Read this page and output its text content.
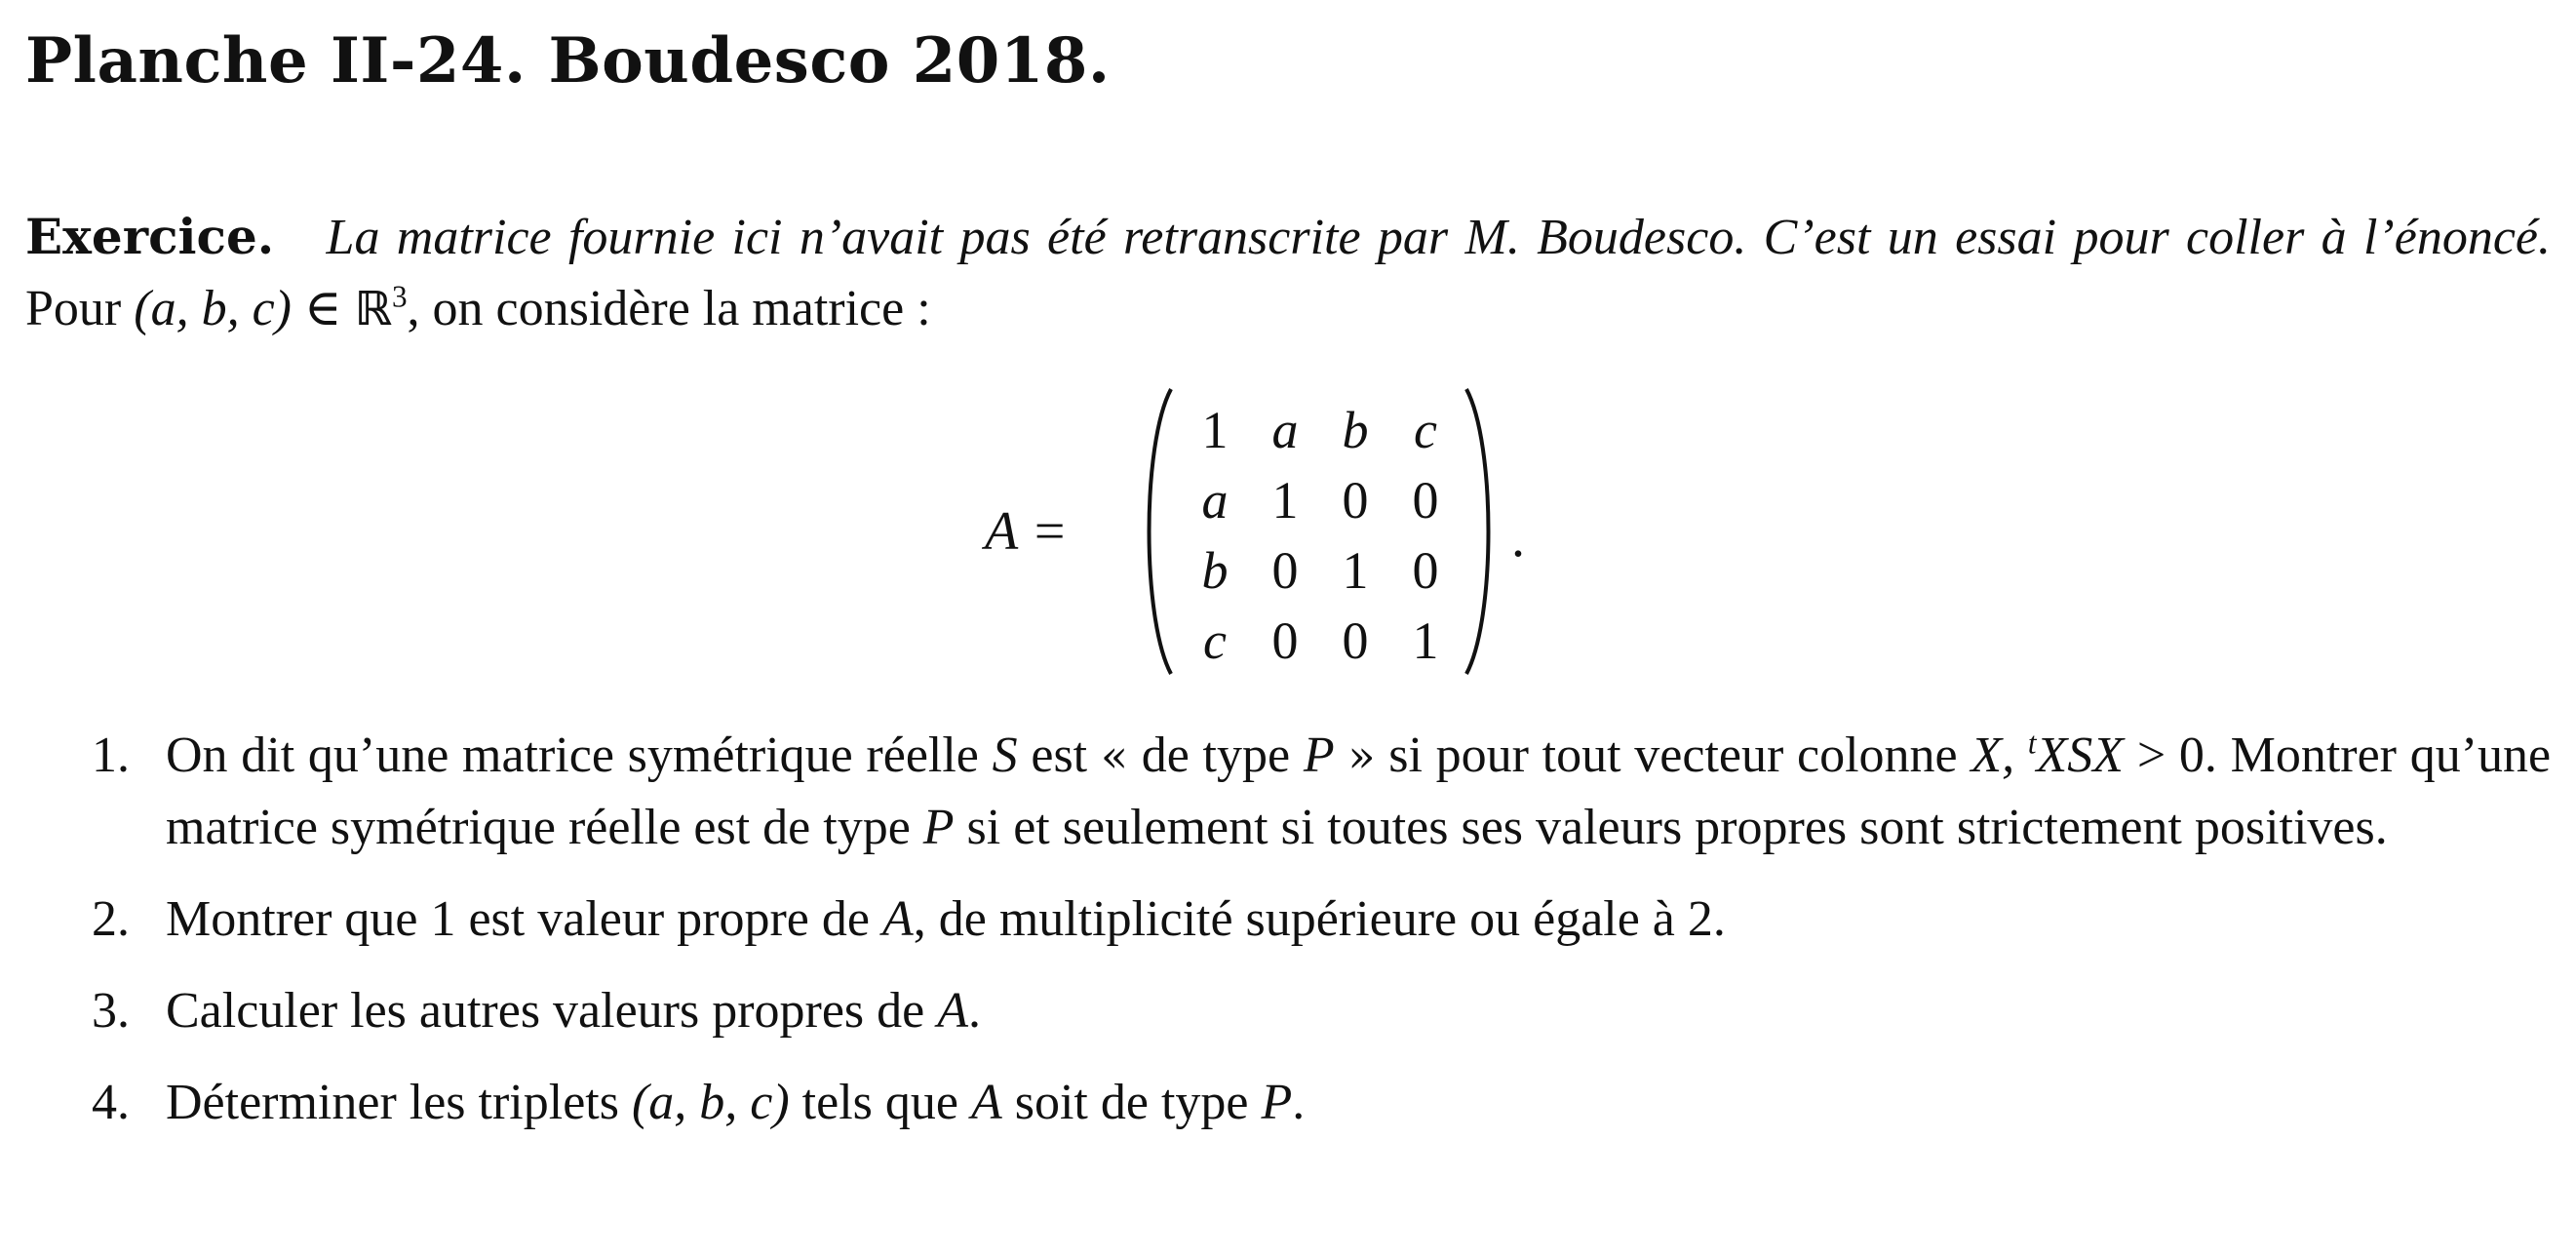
Planche II-24. Boudesco 2018.
Exercice. La matrice fournie ici n’avait pas été retranscrite par M. Boudesco. C’est un essai pour coller à l’énoncé. Pour (a, b, c) ∈ ℝ$^3$, on considère la matrice :
A =
1 a b c
a 1 0 0
b 0 1 0
c 0 0 1
.
1. On dit qu’une matrice symétrique réelle S est « de type P » si pour tout vecteur colonne X, $^t$XSX > 0. Montrer qu’une matrice symétrique réelle est de type P si et seulement si toutes ses valeurs propres sont strictement positives.
2. Montrer que 1 est valeur propre de A, de multiplicité supérieure ou égale à 2.
3. Calculer les autres valeurs propres de A.
4. Déterminer les triplets (a, b, c) tels que A soit de type P.
